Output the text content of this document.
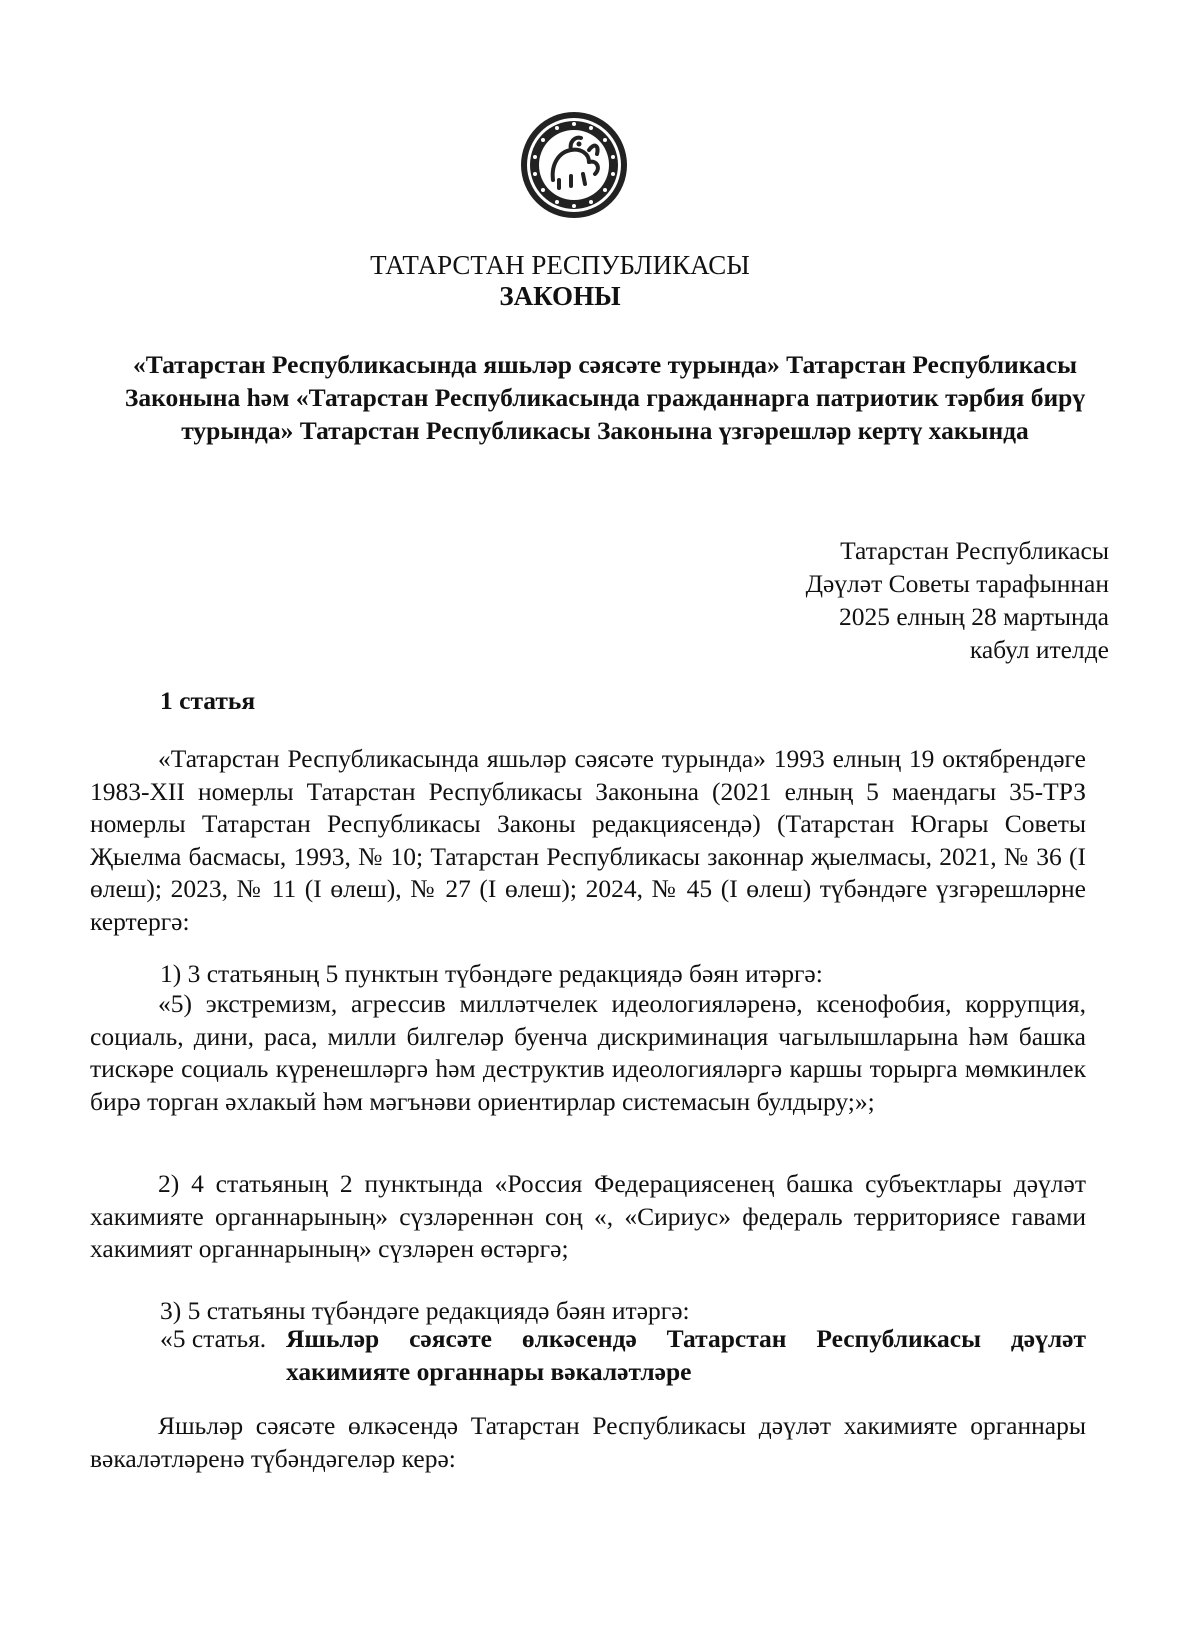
ТАТАРСТАН РЕСПУБЛИКАСЫ
ЗАКОНЫ
«Татарстан Республикасында яшьләр сәясәте турында» Татарстан Республикасы Законына һәм «Татарстан Республикасында гражданнарга патриотик тәрбия бирү турында» Татарстан Республикасы Законына үзгәрешләр кертү хакында
Татарстан Республикасы
Дәүләт Советы тарафыннан
2025 елның 28 мартында
кабул ителде
1 статья

«Татарстан Республикасында яшьләр сәясәте турында» 1993 елның 19 октябрендәге 1983-XII номерлы Татарстан Республикасы Законына (2021 елның 5 маендагы 35-ТРЗ номерлы Татарстан Республикасы Законы редакциясендә) (Татарстан Югары Советы Җыелма басмасы, 1993, № 10; Татарстан Республикасы законнар җыелмасы, 2021, № 36 (I өлеш); 2023, № 11 (I өлеш), № 27 (I өлеш); 2024, № 45 (I өлеш) түбәндәге үзгәрешләрне кертергә:

1) 3 статьяның 5 пунктын түбәндәге редакциядә бәян итәргә:

«5) экстремизм, агрессив милләтчелек идеологияләренә, ксенофобия, коррупция, социаль, дини, раса, милли билгеләр буенча дискриминация чагылышларына һәм башка тискәре социаль күренешләргә һәм деструктив идеологияләргә каршы торырга мөмкинлек бирә торган әхлакый һәм мәгънәви ориентирлар системасын булдыру;»;

2) 4 статьяның 2 пунктында «Россия Федерациясенең башка субъектлары дәүләт хакимияте органнарының» сүзләреннән соң «, «Сириус» федераль территориясе гавами хакимият органнарының» сүзләрен өстәргә;

3) 5 статьяны түбәндәге редакциядә бәян итәргә:

«5 статья. Яшьләр сәясәте өлкәсендә Татарстан Республикасы дәүләт хакимияте органнары вәкаләтләре

Яшьләр сәясәте өлкәсендә Татарстан Республикасы дәүләт хакимияте органнары вәкаләтләренә түбәндәгеләр керә:
